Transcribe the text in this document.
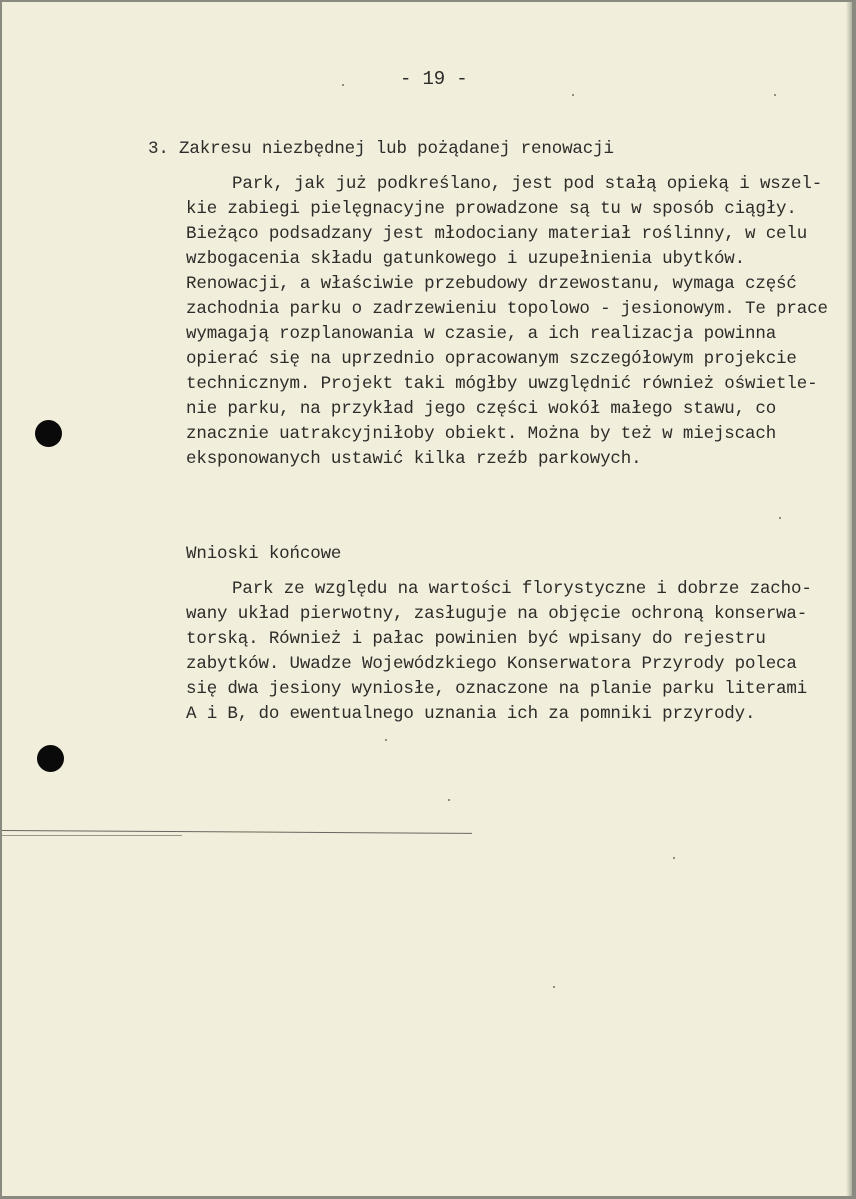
- 19 -
3. Zakresu niezbędnej lub pożądanej renowacji
Park, jak już podkreślano, jest pod stałą opieką i wszel-
kie zabiegi pielęgnacyjne prowadzone są tu w sposób ciągły.
Bieżąco podsadzany jest młodociany materiał roślinny, w celu
wzbogacenia składu gatunkowego i uzupełnienia ubytków.
Renowacji, a właściwie przebudowy drzewostanu, wymaga część
zachodnia parku o zadrzewieniu topolowo - jesionowym. Te prace
wymagają rozplanowania w czasie, a ich realizacja powinna
opierać się na uprzednio opracowanym szczegółowym projekcie
technicznym. Projekt taki mógłby uwzględnić również oświetle-
nie parku, na przykład jego części wokół małego stawu, co
znacznie uatrakcyjniłoby obiekt. Można by też w miejscach
eksponowanych ustawić kilka rzeźb parkowych.
Wnioski końcowe
Park ze względu na wartości florystyczne i dobrze zacho-
wany układ pierwotny, zasługuje na objęcie ochroną konserwa-
torską. Również i pałac powinien być wpisany do rejestru
zabytków. Uwadze Wojewódzkiego Konserwatora Przyrody poleca
się dwa jesiony wyniosłe, oznaczone na planie parku literami
A i B, do ewentualnego uznania ich za pomniki przyrody.
